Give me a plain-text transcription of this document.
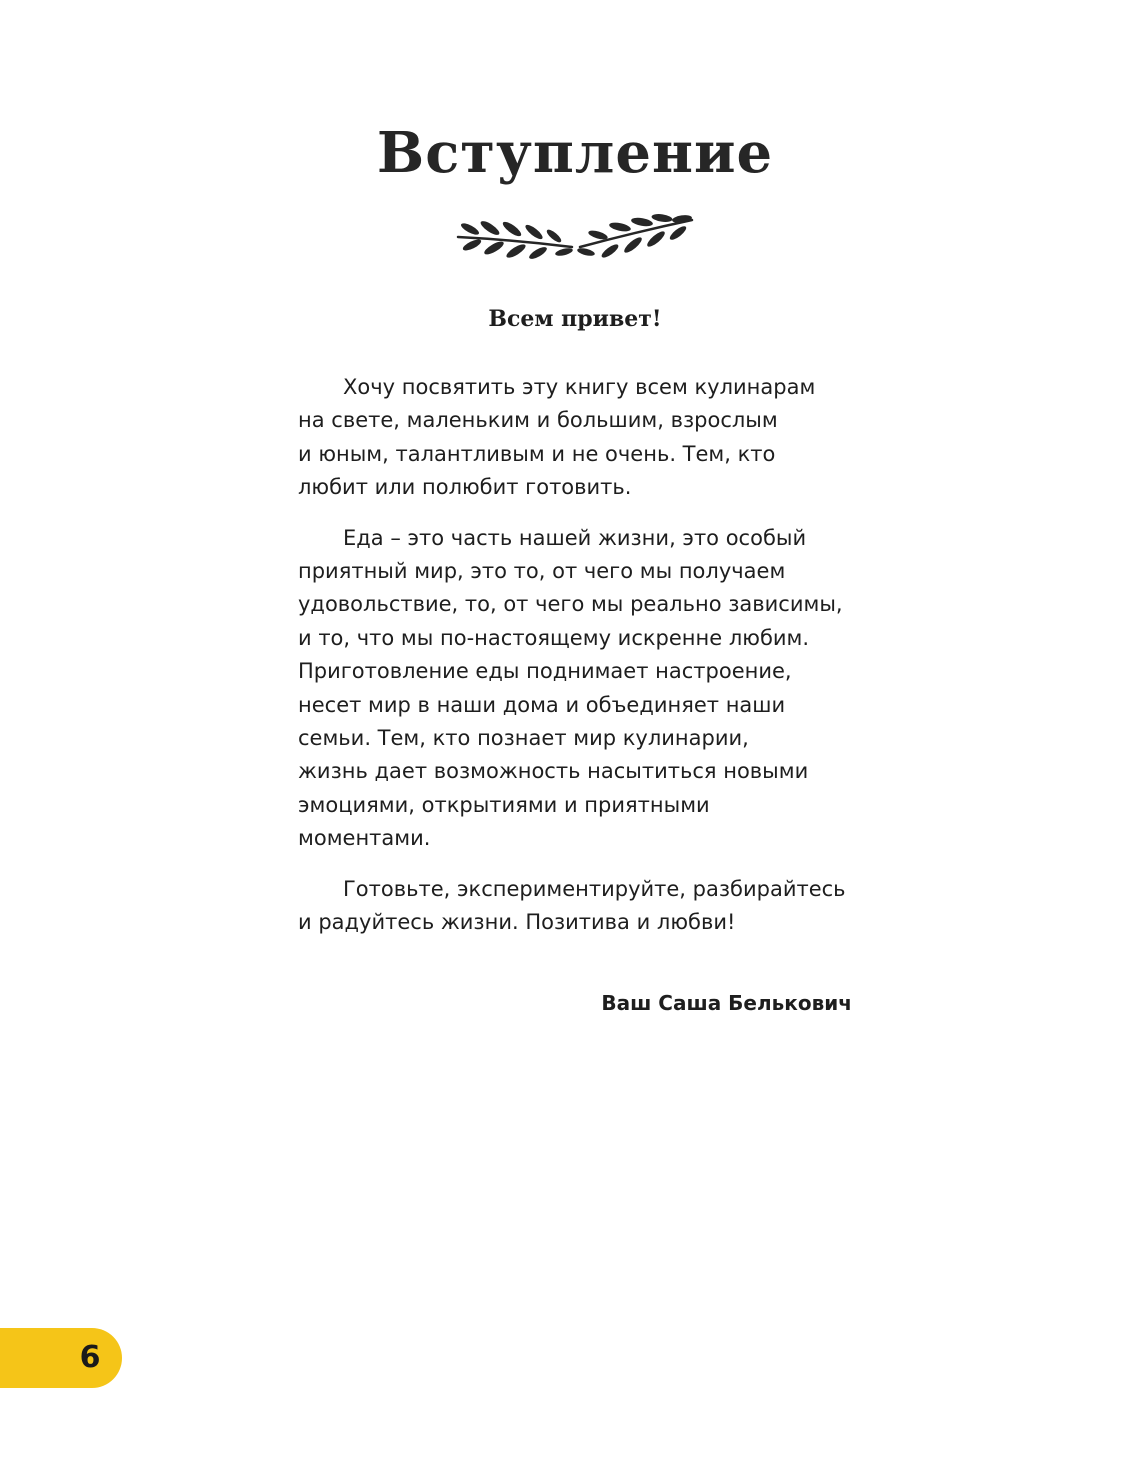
Вступление
Всем привет!

Хочу посвятить эту книгу всем кулинарам
на свете, маленьким и большим, взрослым
и юным, талантливым и не очень. Тем, кто
любит или полюбит готовить.

Еда – это часть нашей жизни, это особый
приятный мир, это то, от чего мы получаем
удовольствие, то, от чего мы реально зависимы,
и то, что мы по-настоящему искренне любим.
Приготовление еды поднимает настроение,
несет мир в наши дома и объединяет наши
семьи. Тем, кто познает мир кулинарии,
жизнь дает возможность насытиться новыми
эмоциями, открытиями и приятными
моментами.

Готовьте, экспериментируйте, разбирайтесь
и радуйтесь жизни. Позитива и любви!

Ваш Саша Белькович
6
